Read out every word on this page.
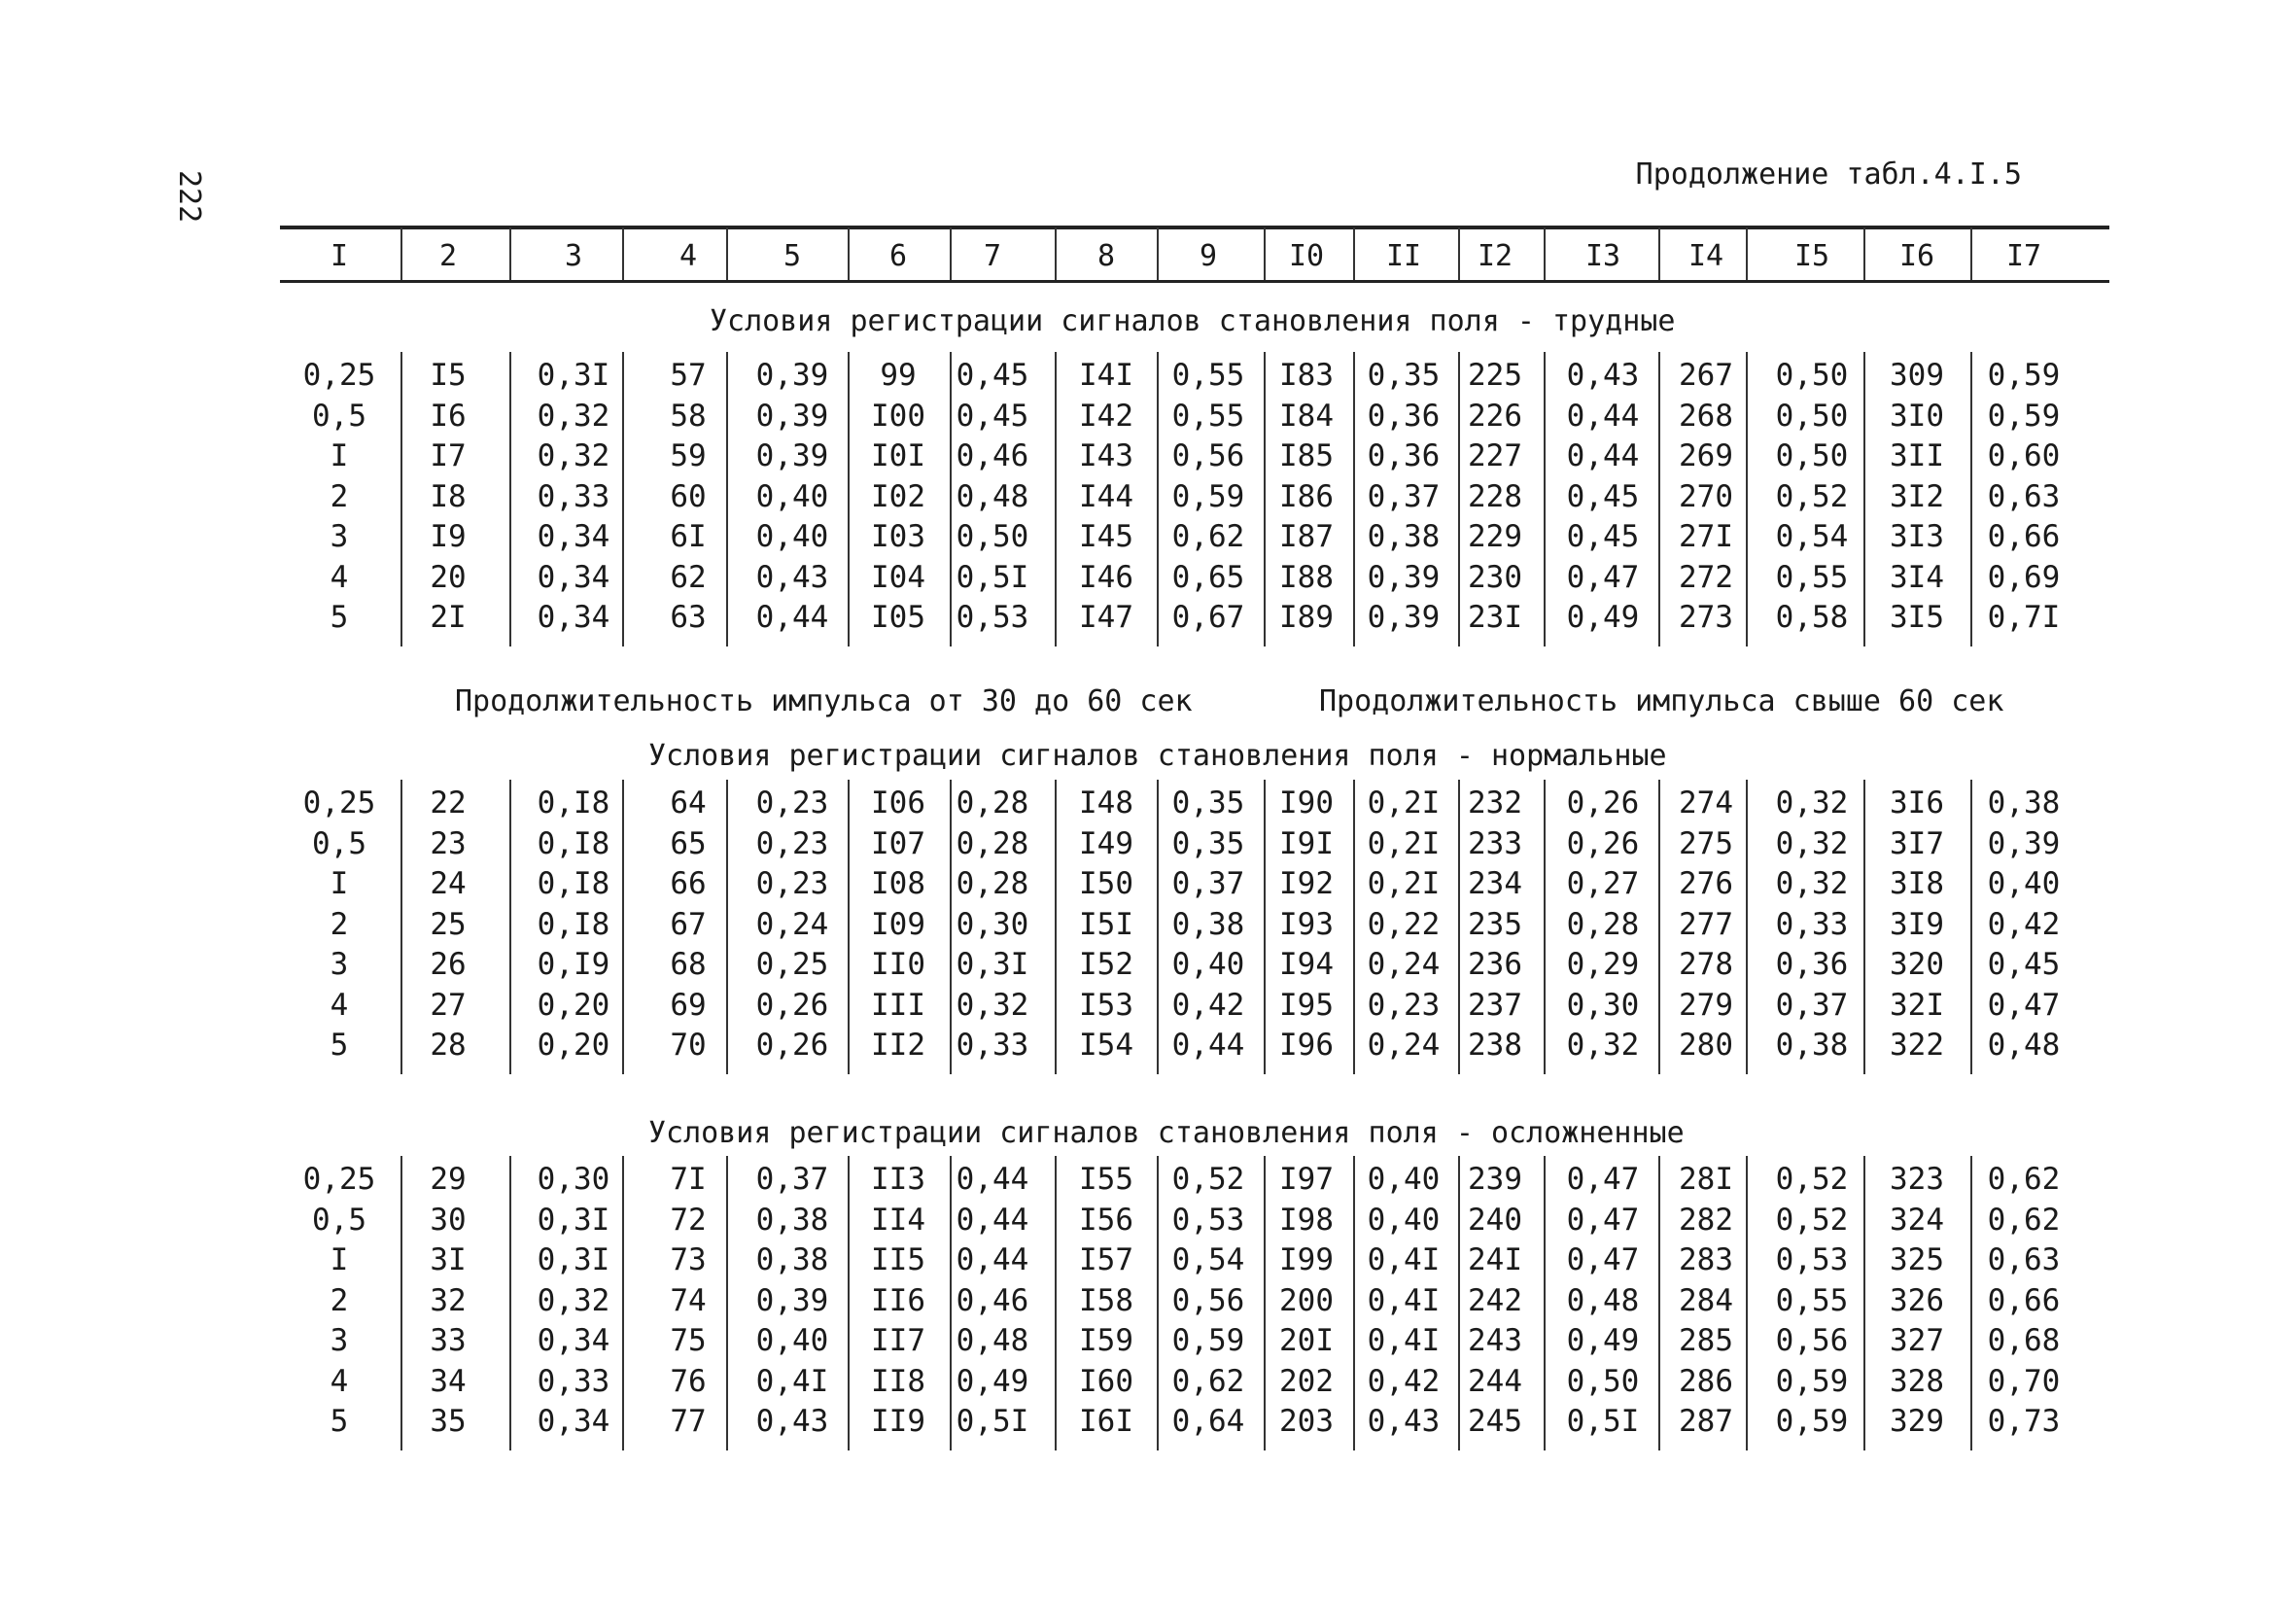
222	Продолжение табл.4.I.5
I	2	3	4	5	6	7	8	9	I0	II	I2	I3	I4	I5	I6	I7
Условия регистрации сигналов становления поля - трудные
0,25	I5	0,3I	57	0,39	99	0,45	I4I	0,55	I83	0,35 225	0,43	267	0,50	309	0,59
0,5	I6	0,32	58	0,39	I00	0,45	I42	0,55	I84	0,36 226	0,44	268	0,50	3I0	0,59
I	I7	0,32	59	0,39	I0I	0,46	I43	0,56	I85	0,36 227	0,44	269	0,50	3II	0,60
2	I8	0,33	60	0,40	I02	0,48	I44	0,59	I86	0,37 228	0,45	270	0,52	3I2	0,63
3	I9	0,34	6I	0,40	I03	0,50	I45	0,62	I87	0,38 229	0,45	27I	0,54	3I3	0,66
4	20	0,34	62	0,43	I04	0,5I	I46	0,65	I88	0,39 230	0,47	272	0,55	3I4	0,69
5	2I	0,34	63	0,44	I05	0,53	I47	0,67	I89	0,39 23I	0,49	273	0,58	3I5	0,7I
Условия регистрации сигналов становления поля - нормальные
0,25	22	0,I8	64	0,23	I06	0,28	I48	0,35	I90	0,2I 232	0,26	274	0,32	3I6	0,38
0,5	23	0,I8	65	0,23	I07	0,28	I49	0,35	I9I	0,2I 233	0,26	275	0,32	3I7	0,39
I	24	0,I8	66	0,23	I08	0,28	I50	0,37	I92	0,2I 234	0,27	276	0,32	3I8	0,40
2	25	0,I8	67	0,24	I09	0,30	I5I	0,38	I93	0,22 235	0,28	277	0,33	3I9	0,42
3	26	0,I9	68	0,25	II0	0,3I	I52	0,40	I94	0,24 236	0,29	278	0,36	320	0,45
4	27	0,20	69	0,26	III	0,32	I53	0,42	I95	0,23 237	0,30	279	0,37	32I	0,47
5	28	0,20	70	0,26	II2	0,33	I54	0,44	I96	0,24 238	0,32	280	0,38	322	0,48
Условия регистрации сигналов становления поля - осложненные
0,25	29	0,30	7I	0,37	II3	0,44	I55	0,52	I97	0,40 239	0,47	28I	0,52	323	0,62
0,5	30	0,3I	72	0,38	II4	0,44	I56	0,53	I98	0,40 240	0,47	282	0,52	324	0,62
I	3I	0,3I	73	0,38	II5	0,44	I57	0,54	I99	0,4I 24I	0,47	283	0,53	325	0,63
2	32	0,32	74	0,39	II6	0,46	I58	0,56	200	0,4I 242	0,48	284	0,55	326	0,66
3	33	0,34	75	0,40	II7	0,48	I59	0,59	20I	0,4I 243	0,49	285	0,56	327	0,68
4	34	0,33	76	0,4I	II8	0,49	I60	0,62	202	0,42 244	0,50	286	0,59	328	0,70
5	35	0,34	77	0,43	II9	0,5I	I6I	0,64	203	0,43 245	0,5I	287	0,59	329	0,73
Продолжительность импульса от 30 до 60 сек	Продолжительность импульса свыше 60 сек
